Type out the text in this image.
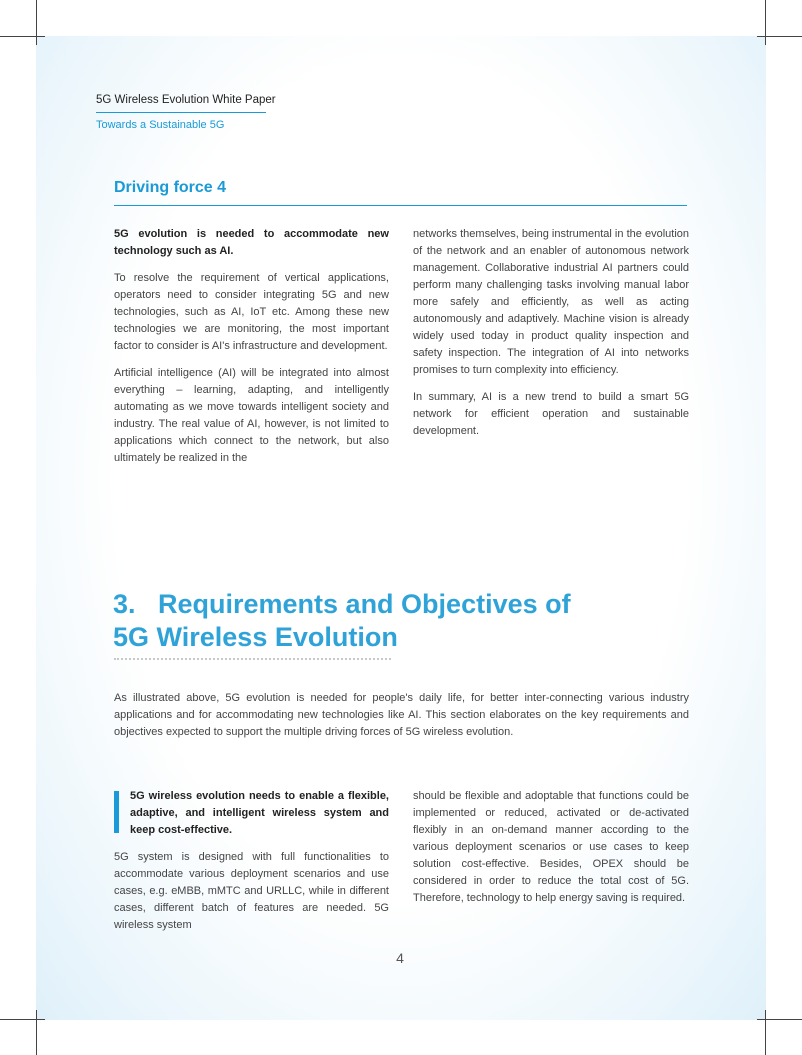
5G Wireless Evolution White Paper
Towards a Sustainable 5G
Driving force 4

5G evolution is needed to accommodate new technology such as AI.

To resolve the requirement of vertical applications, operators need to consider integrating 5G and new technologies, such as AI, IoT etc. Among these new technologies we are monitoring, the most important factor to consider is AI's infrastructure and development.

Artificial intelligence (AI) will be integrated into almost everything – learning, adapting, and intelligently automating as we move towards intelligent society and industry. The real value of AI, however, is not limited to applications which connect to the network, but also ultimately be realized in the

networks themselves, being instrumental in the evolution of the network and an enabler of autonomous network management. Collaborative industrial AI partners could perform many challenging tasks involving manual labor more safely and efficiently, as well as acting autonomously and adaptively. Machine vision is already widely used today in product quality inspection and safety inspection. The integration of AI into networks promises to turn complexity into efficiency.

In summary, AI is a new trend to build a smart 5G network for efficient operation and sustainable development.

3. Requirements and Objectives of
5G Wireless Evolution
As illustrated above, 5G evolution is needed for people's daily life, for better inter-connecting various industry applications and for accommodating new technologies like AI. This section elaborates on the key requirements and objectives expected to support the multiple driving forces of 5G wireless evolution.

5G wireless evolution needs to enable a flexible, adaptive, and intelligent wireless system and keep cost-effective.

5G system is designed with full functionalities to accommodate various deployment scenarios and use cases, e.g. eMBB, mMTC and URLLC, while in different cases, different batch of features are needed. 5G wireless system

should be flexible and adoptable that functions could be implemented or reduced, activated or de-activated flexibly in an on-demand manner according to the various deployment scenarios or use cases to keep solution cost-effective. Besides, OPEX should be considered in order to reduce the total cost of 5G. Therefore, technology to help energy saving is required.

4
